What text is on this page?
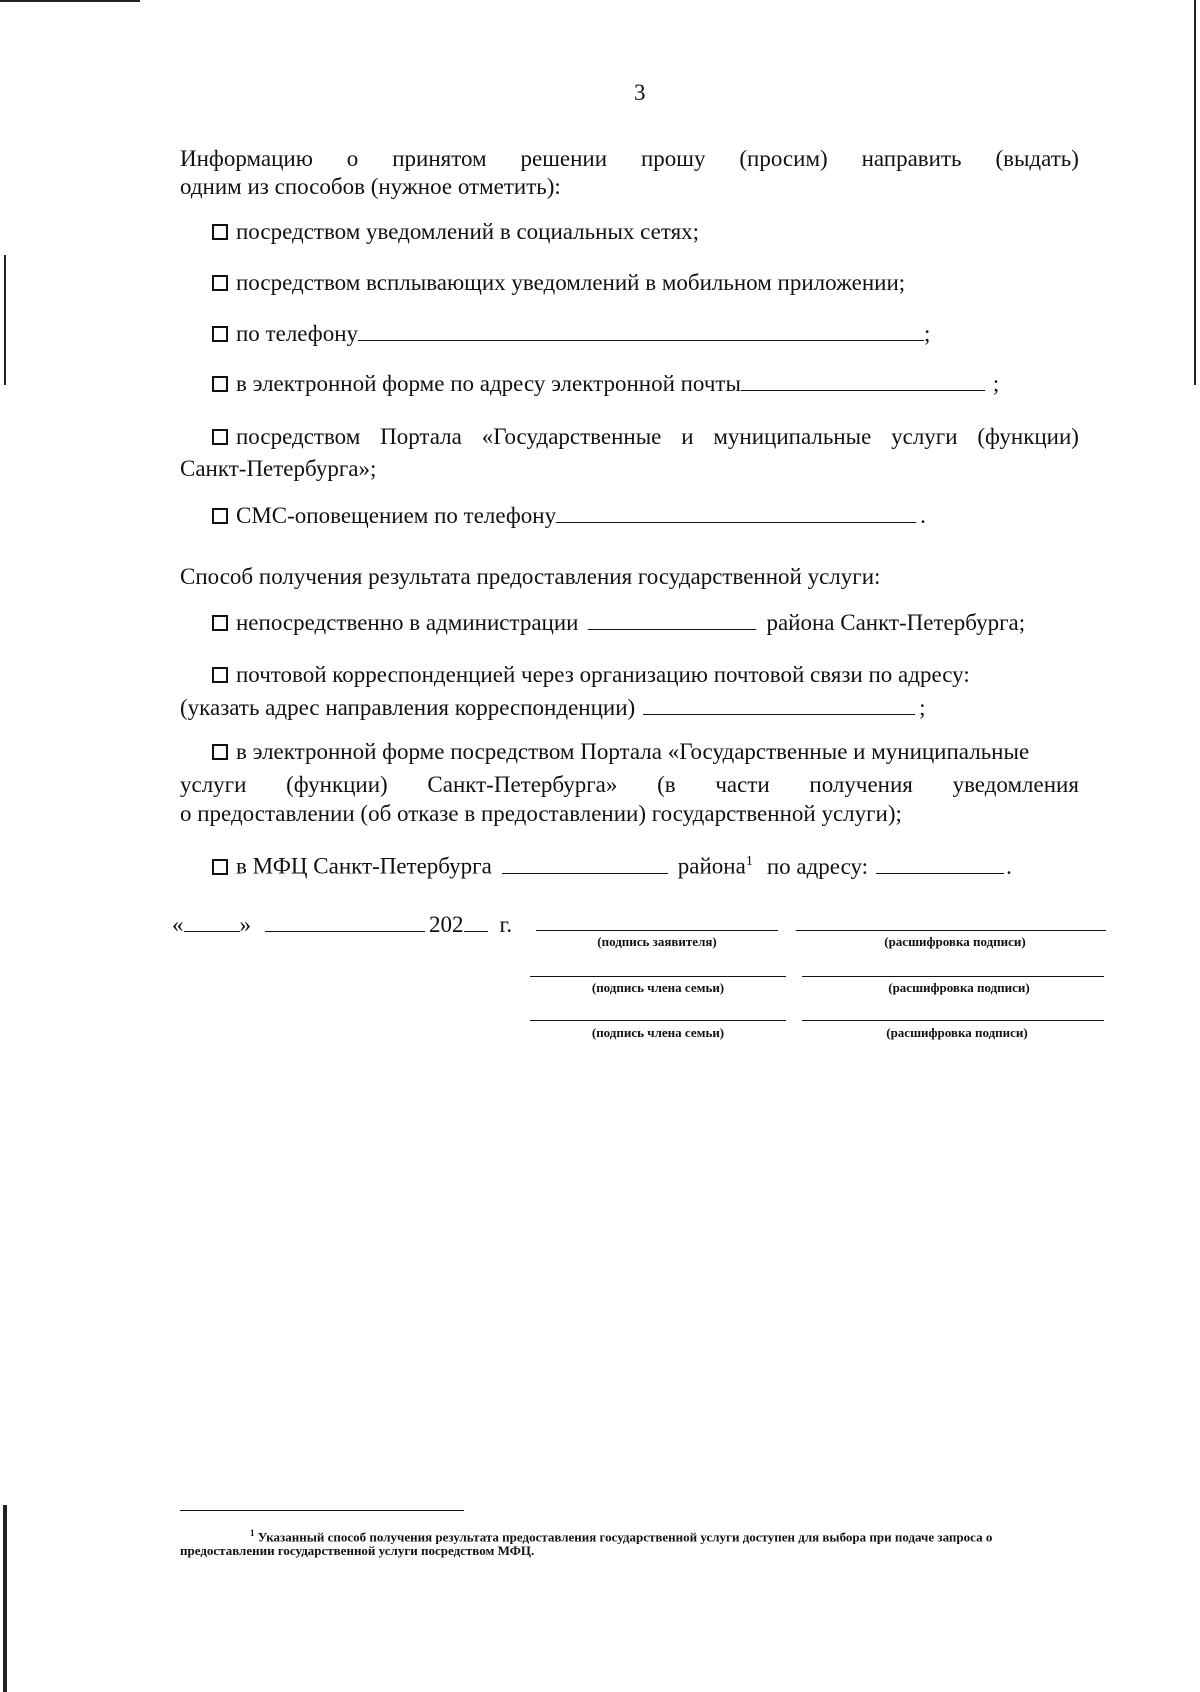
3
Информацию о принятом решении прошу (просим) направить (выдать)
одним из способов (нужное отметить):
посредством уведомлений в социальных сетях;
посредством всплывающих уведомлений в мобильном приложении;
по телефону	;
в электронной форме по адресу электронной почты	;
посредством Портала «Государственные и муниципальные услуги (функции)
Санкт-Петербурга»;
СМС-оповещением по телефону	.
Способ получения результата предоставления государственной услуги:
непосредственно в администрации	района Санкт-Петербурга;
почтовой корреспонденцией через организацию почтовой связи по адресу:
(указать адрес направления корреспонденции)	;
в электронной форме посредством Портала «Государственные и муниципальные
услуги (функции) Санкт-Петербурга» (в части получения уведомления
о предоставлении (об отказе в предоставлении) государственной услуги);
в МФЦ Санкт-Петербурга	района$^1$ по адресу:	.
« »	202 г.
(подпись заявителя)	(расшифровка подписи)
(подпись члена семьи)	(расшифровка подписи)
(подпись члена семьи)	(расшифровка подписи)
$^1$ Указанный способ получения результата предоставления государственной услуги доступен для выбора при подаче запроса о
предоставлении государственной услуги посредством МФЦ.
